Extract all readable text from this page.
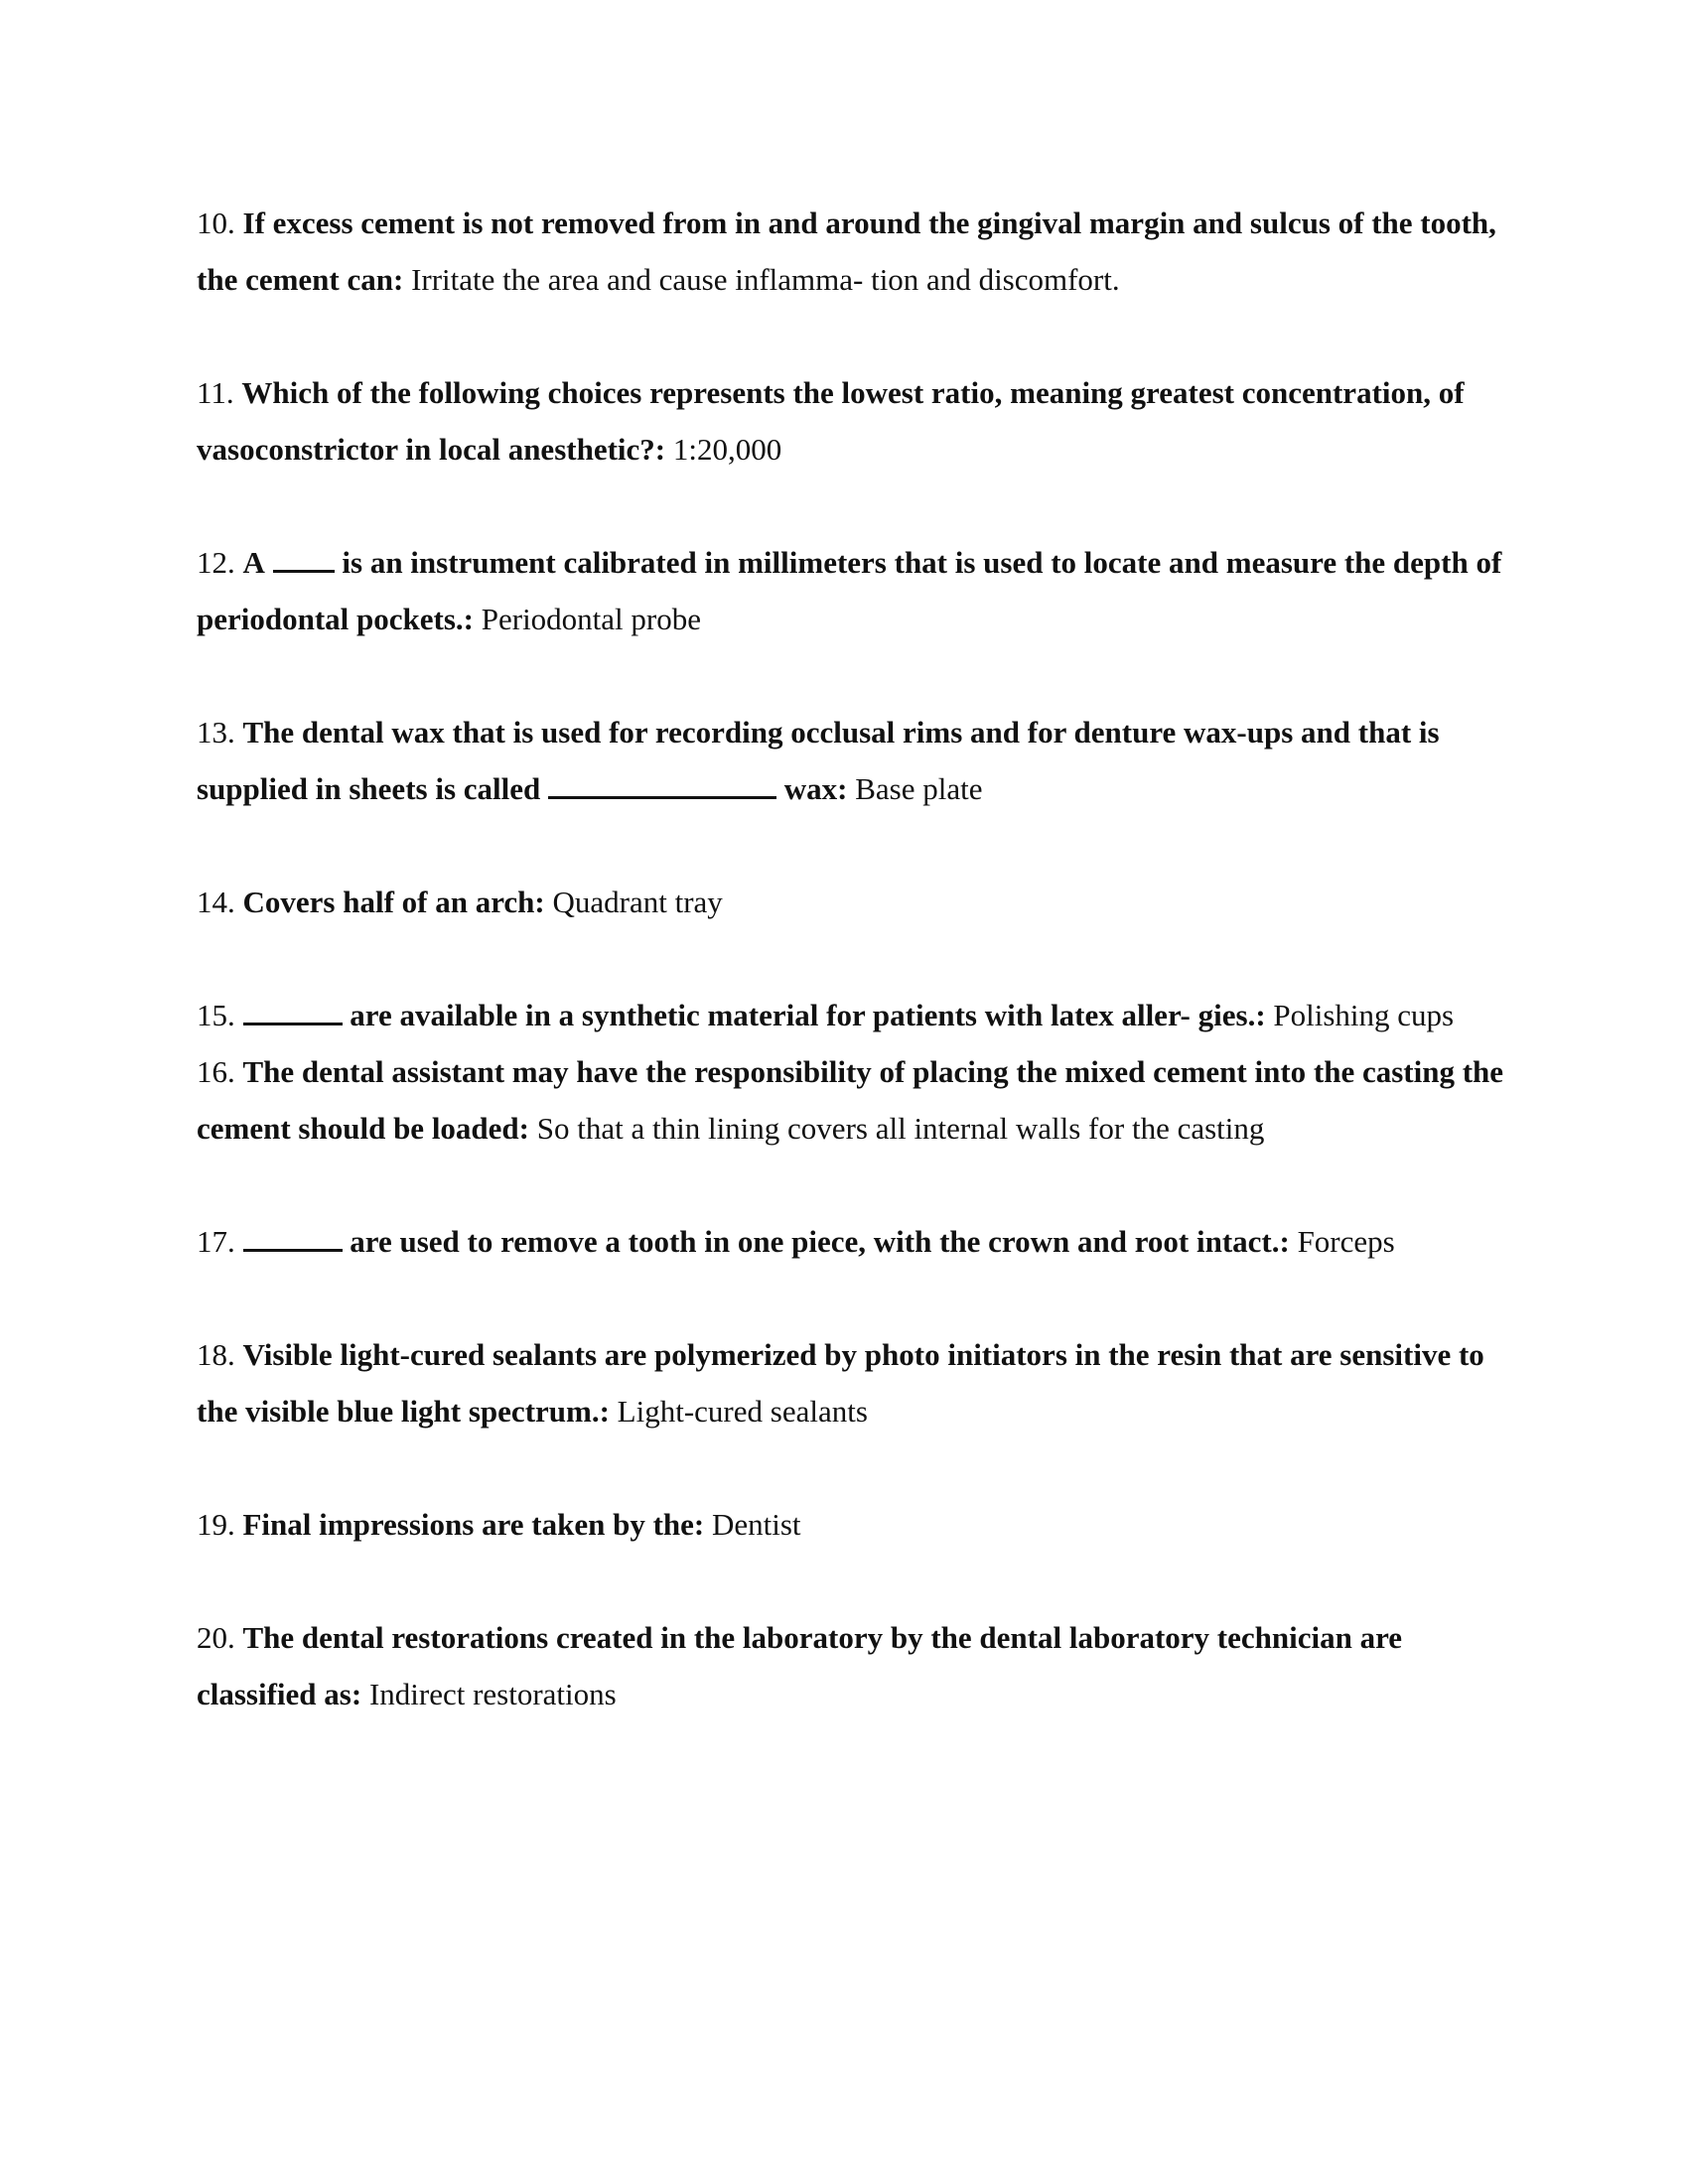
10. If excess cement is not removed from in and around the gingival margin and sulcus of the tooth, the cement can: Irritate the area and cause inflamma- tion and discomfort.

11. Which of the following choices represents the lowest ratio, meaning greatest concentration, of vasoconstrictor in local anesthetic?: 1:20,000

12. A  is an instrument calibrated in millimeters that is used to locate and measure the depth of periodontal pockets.: Periodontal probe

13. The dental wax that is used for recording occlusal rims and for denture wax-ups and that is supplied in sheets is called	wax: Base plate

14. Covers half of an arch: Quadrant tray

15.	are available in a synthetic material for patients with latex aller- gies.: Polishing cups

16. The dental assistant may have the responsibility of placing the mixed cement into the casting the cement should be loaded: So that a thin lining covers all internal walls for the casting

17.	are used to remove a tooth in one piece, with the crown and root intact.: Forceps

18. Visible light-cured sealants are polymerized by photo initiators in the resin that are sensitive to the visible blue light spectrum.: Light-cured sealants

19. Final impressions are taken by the: Dentist

20. The dental restorations created in the laboratory by the dental laboratory technician are classified as: Indirect restorations
